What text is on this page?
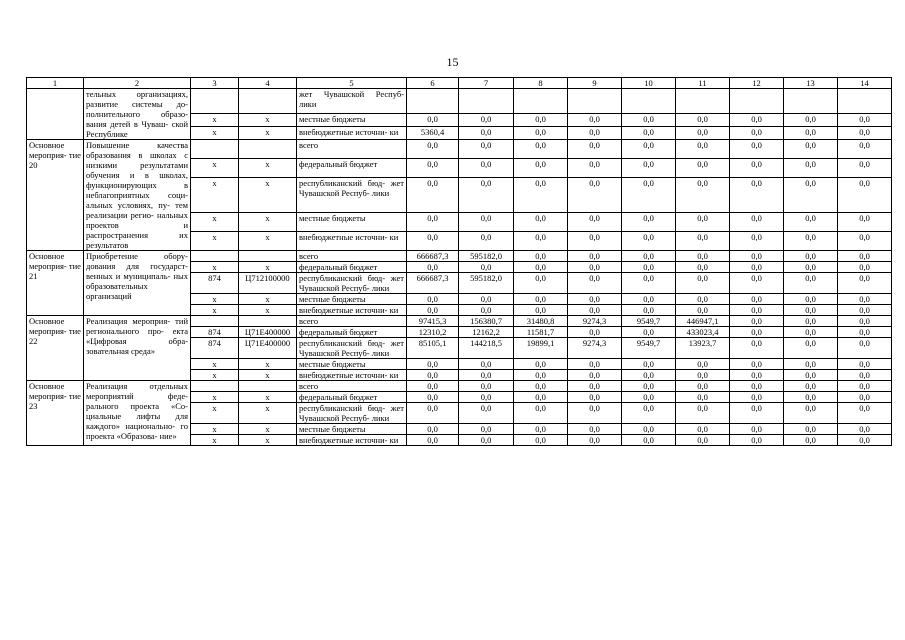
15
1	2	3	4	5	6	7	8	9	10	11	12	13	14
	тельных организациях, развитие системы до- полнительного образо- вания детей в Чуваш- ской Республике			жет Чувашской Респуб- лики									
		х	х	местные бюджеты	0,0	0,0	0,0	0,0	0,0	0,0	0,0	0,0	0,0
		х	х	внебюджетные источни- ки	5360,4	0,0	0,0	0,0	0,0	0,0	0,0	0,0	0,0
Основное мероприя- тие 20	Повышение качества образования в школах с низкими результатами обучения и в школах, функционирующих в неблагоприятных соци- альных условиях, пу- тем реализации регио- нальных проектов и распространения их результатов			всего	0,0	0,0	0,0	0,0	0,0	0,0	0,0	0,0	0,0
		х	х	федеральный бюджет	0,0	0,0	0,0	0,0	0,0	0,0	0,0	0,0	0,0
		х	х	республиканский бюд- жет Чувашской Респуб- лики	0,0	0,0	0,0	0,0	0,0	0,0	0,0	0,0	0,0
		х	х	местные бюджеты	0,0	0,0	0,0	0,0	0,0	0,0	0,0	0,0	0,0
		х	х	внебюджетные источни- ки	0,0	0,0	0,0	0,0	0,0	0,0	0,0	0,0	0,0
Основное мероприя- тие 21	Приобретение обору- дования для государст- венных и муниципаль- ных образовательных организаций			всего	666687,3	595182,0	0,0	0,0	0,0	0,0	0,0	0,0	0,0
		х	х	федеральный бюджет	0,0	0,0	0,0	0,0	0,0	0,0	0,0	0,0	0,0
		874	Ц712100000	республиканский бюд- жет Чувашской Респуб- лики	666687,3	595182,0	0,0	0,0	0,0	0,0	0,0	0,0	0,0
		х	х	местные бюджеты	0,0	0,0	0,0	0,0	0,0	0,0	0,0	0,0	0,0
		х	х	внебюджетные источни- ки	0,0	0,0	0,0	0,0	0,0	0,0	0,0	0,0	0,0
Основное мероприя- тие 22	Реализация мероприя- тий регионального про- екта «Цифровая обра- зовательная среда»			всего	97415,3	156380,7	31480,8	9274,3	9549,7	446947,1	0,0	0,0	0,0
		874	Ц71Е400000	федеральный бюджет	12310,2	12162,2	11581,7	0,0	0,0	433023,4	0,0	0,0	0,0
		874	Ц71Е400000	республиканский бюд- жет Чувашской Респуб- лики	85105,1	144218,5	19899,1	9274,3	9549,7	13923,7	0,0	0,0	0,0
		х	х	местные бюджеты	0,0	0,0	0,0	0,0	0,0	0,0	0,0	0,0	0,0
		х	х	внебюджетные источни- ки	0,0	0,0	0,0	0,0	0,0	0,0	0,0	0,0	0,0
Основное мероприя- тие 23	Реализация отдельных мероприятий феде- рального проекта «Со- циальные лифты для каждого» национально- го проекта «Образова- ние»			всего	0,0	0,0	0,0	0,0	0,0	0,0	0,0	0,0	0,0
		х	х	федеральный бюджет	0,0	0,0	0,0	0,0	0,0	0,0	0,0	0,0	0,0
		х	х	республиканский бюд- жет Чувашской Респуб- лики	0,0	0,0	0,0	0,0	0,0	0,0	0,0	0,0	0,0
		х	х	местные бюджеты	0,0	0,0	0,0	0,0	0,0	0,0	0,0	0,0	0,0
		х	х	внебюджетные источни- ки	0,0	0,0	0,0	0,0	0,0	0,0	0,0	0,0	0,0
